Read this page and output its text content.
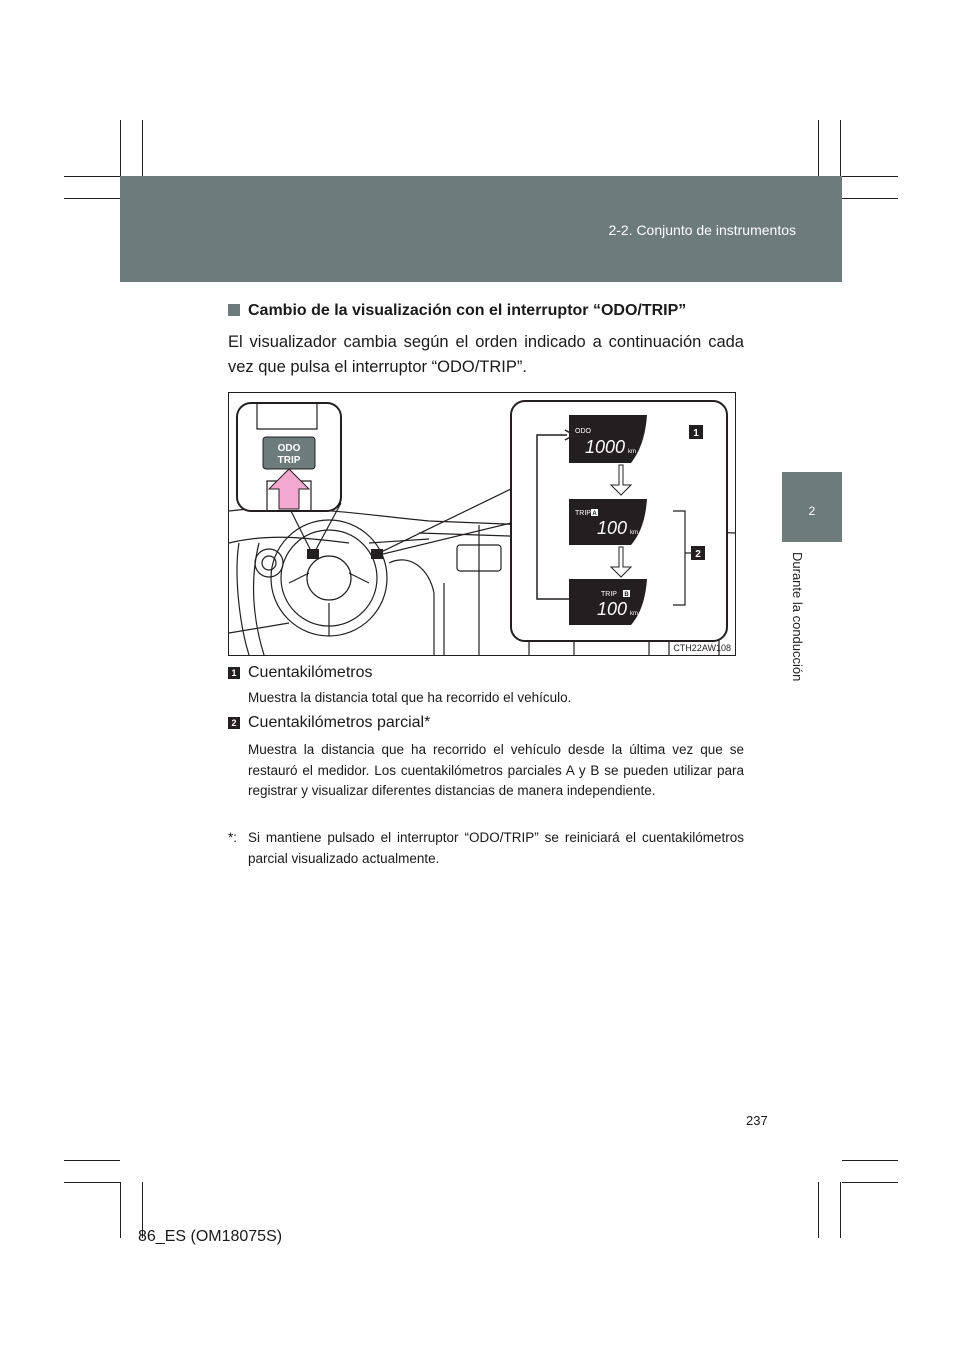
2-2. Conjunto de instrumentos
2
Durante la conducción
Cambio de la visualización con el interruptor “ODO/TRIP”
El visualizador cambia según el orden indicado a continuación cada vez que pulsa el interruptor “ODO/TRIP”.
ODO
TRIP
ODO
1000 km
TRIP A
100 km
TRIP B
100 km
1
2
CTH22AW108
1 Cuentakilómetros
Muestra la distancia total que ha recorrido el vehículo.
2 Cuentakilómetros parcial*
Muestra la distancia que ha recorrido el vehículo desde la última vez que se restauró el medidor. Los cuentakilómetros parciales A y B se pueden utilizar para registrar y visualizar diferentes distancias de manera independiente.
*: Si mantiene pulsado el interruptor “ODO/TRIP” se reiniciará el cuentakilómetros parcial visualizado actualmente.
237
86_ES (OM18075S)
